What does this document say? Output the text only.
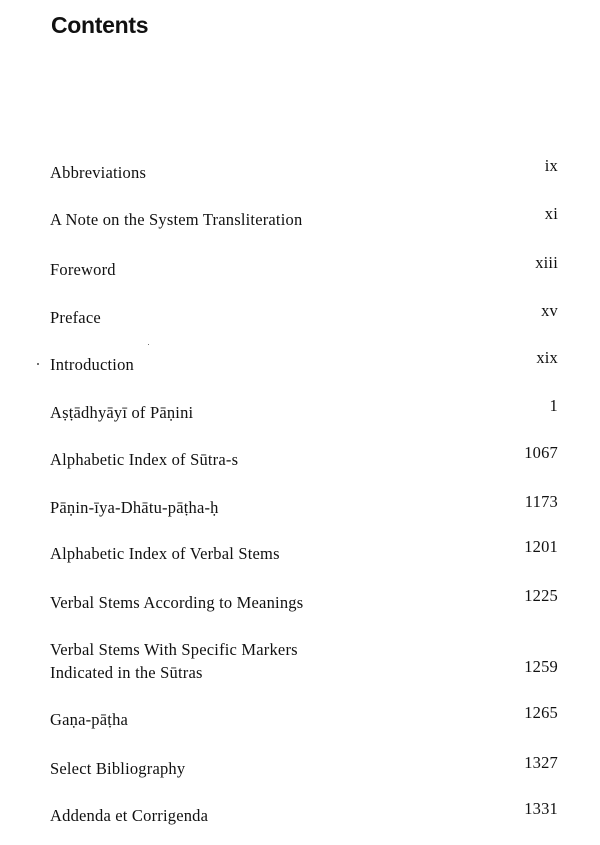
Contents
Abbreviations	ix
A Note on the System Transliteration	xi
Foreword	xiii
Preface	xv
Introduction	xix
Aṣṭādhyāyī of Pāṇini	1
Alphabetic Index of Sūtra-s	1067
Pāṇin-īya-Dhātu-pāṭha-ḥ	1173
Alphabetic Index of Verbal Stems	1201
Verbal Stems According to Meanings	1225
Verbal Stems With Specific Markers
Indicated in the Sūtras	1259
Gaṇa-pāṭha	1265
Select Bibliography	1327
Addenda et Corrigenda	1331
